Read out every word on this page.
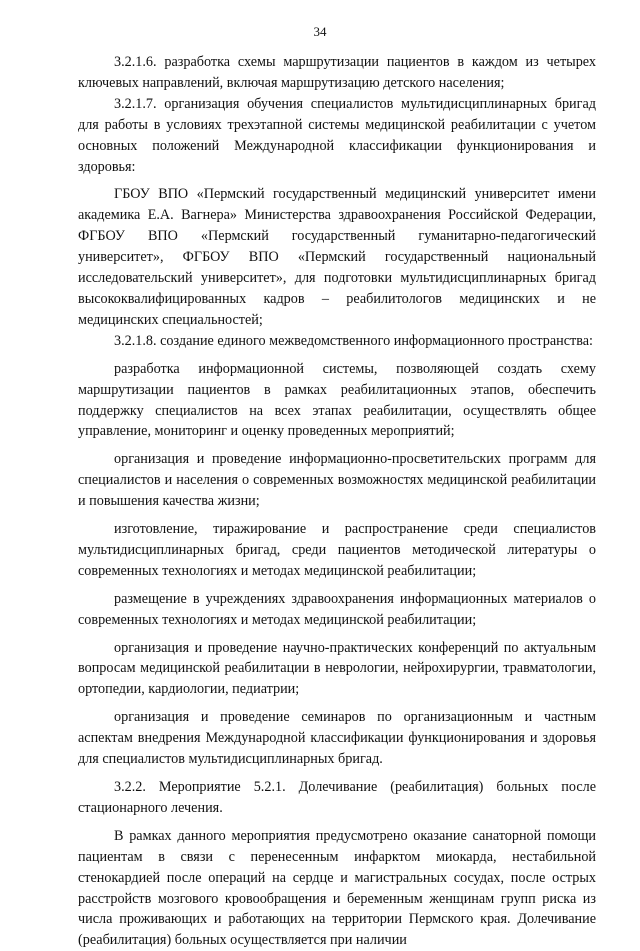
34

3.2.1.6. разработка схемы маршрутизации пациентов в каждом из четырех ключевых направлений, включая маршрутизацию детского населения;

3.2.1.7. организация обучения специалистов мультидисциплинарных бригад для работы в условиях трехэтапной системы медицинской реабилитации с учетом основных положений Международной классификации функционирования и здоровья:

ГБОУ ВПО «Пермский государственный медицинский университет имени академика Е.А. Вагнера» Министерства здравоохранения Российской Федерации, ФГБОУ ВПО «Пермский государственный гуманитарно-педагогический университет», ФГБОУ ВПО «Пермский государственный национальный исследовательский университет», для подготовки мультидисциплинарных бригад высококвалифицированных кадров – реабилитологов медицинских и не медицинских специальностей;

3.2.1.8. создание единого межведомственного информационного пространства:

разработка информационной системы, позволяющей создать схему маршрутизации пациентов в рамках реабилитационных этапов, обеспечить поддержку специалистов на всех этапах реабилитации, осуществлять общее управление, мониторинг и оценку проведенных мероприятий;

организация и проведение информационно-просветительских программ для специалистов и населения о современных возможностях медицинской реабилитации и повышения качества жизни;

изготовление, тиражирование и распространение среди специалистов мультидисциплинарных бригад, среди пациентов методической литературы о современных технологиях и методах медицинской реабилитации;

размещение в учреждениях здравоохранения информационных материалов о современных технологиях и методах медицинской реабилитации;

организация и проведение научно-практических конференций по актуальным вопросам медицинской реабилитации в неврологии, нейрохирургии, травматологии, ортопедии, кардиологии, педиатрии;

организация и проведение семинаров по организационным и частным аспектам внедрения Международной классификации функционирования и здоровья для специалистов мультидисциплинарных бригад.

3.2.2. Мероприятие 5.2.1. Долечивание (реабилитация) больных после стационарного лечения.

В рамках данного мероприятия предусмотрено оказание санаторной помощи пациентам в связи с перенесенным инфарктом миокарда, нестабильной стенокардией после операций на сердце и магистральных сосудах, после острых расстройств мозгового кровообращения и беременным женщинам групп риска из числа проживающих и работающих на территории Пермского края. Долечивание (реабилитация) больных осуществляется при наличии
